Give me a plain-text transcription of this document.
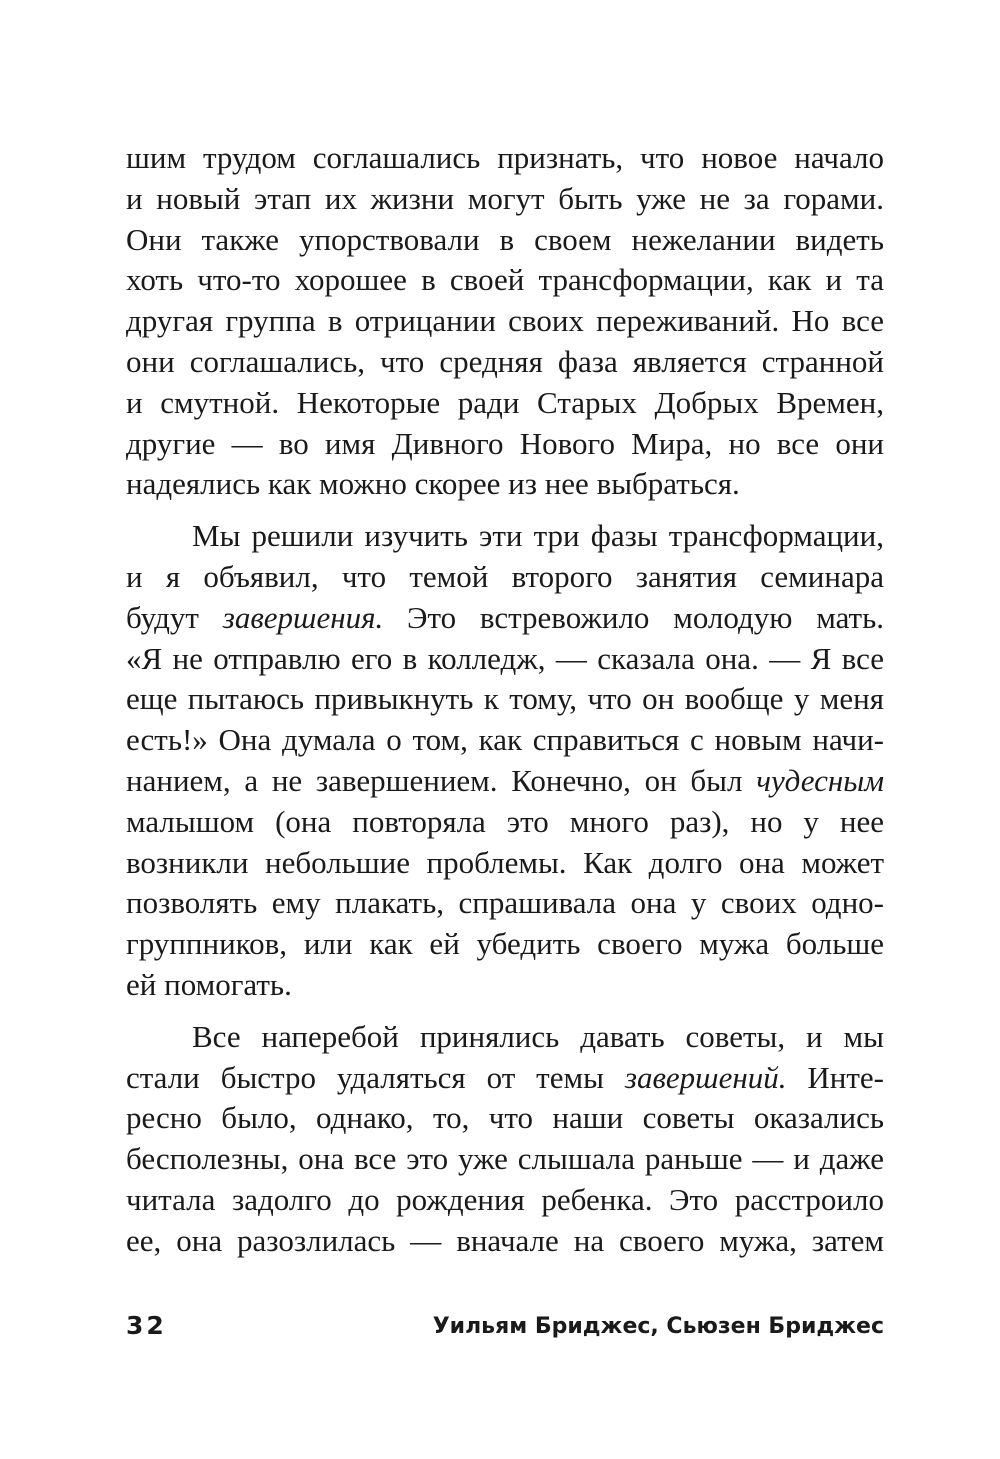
шим трудом соглашались признать, что новое начало
и новый этап их жизни могут быть уже не за горами.
Они также упорствовали в своем нежелании видеть
хоть что-то хорошее в своей трансформации, как и та
другая группа в отрицании своих переживаний. Но все
они соглашались, что средняя фаза является странной
и смутной. Некоторые ради Старых Добрых Времен,
другие — во имя Дивного Нового Мира, но все они
надеялись как можно скорее из нее выбраться.

Мы решили изучить эти три фазы трансформации,
и я объявил, что темой второго занятия семинара
будут завершения. Это встревожило молодую мать.
«Я не отправлю его в колледж, — сказала она. — Я все
еще пытаюсь привыкнуть к тому, что он вообще у меня
есть!» Она думала о том, как справиться с новым начи-
нанием, а не завершением. Конечно, он был чудесным
малышом (она повторяла это много раз), но у нее
возникли небольшие проблемы. Как долго она может
позволять ему плакать, спрашивала она у своих одно-
группников, или как ей убедить своего мужа больше
ей помогать.

Все наперебой принялись давать советы, и мы
стали быстро удаляться от темы завершений. Инте-
ресно было, однако, то, что наши советы оказались
бесполезны, она все это уже слышала раньше — и даже
читала задолго до рождения ребенка. Это расстроило
ее, она разозлилась — вначале на своего мужа, затем

32	Уильям Бриджес, Сьюзен Бриджес
